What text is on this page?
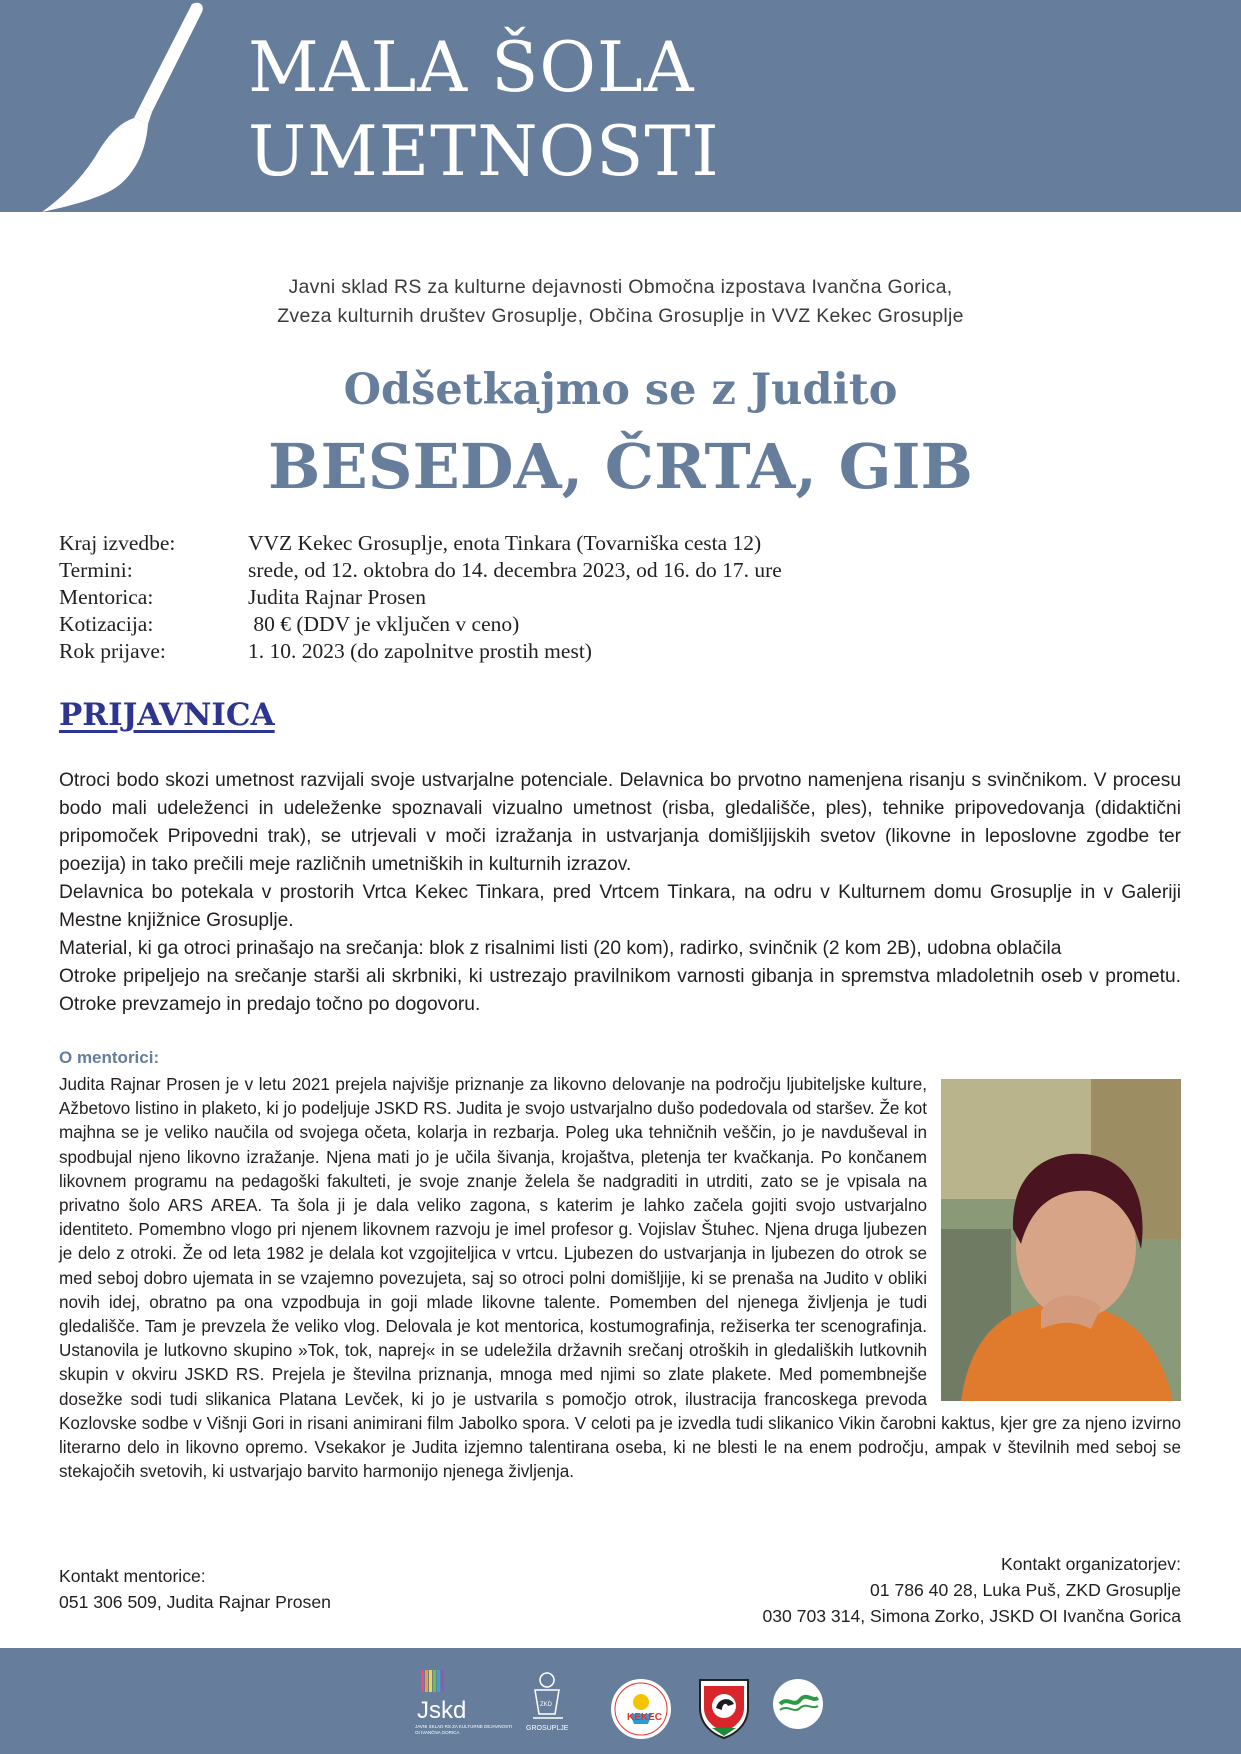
MALA ŠOLA
UMETNOSTI
Javni sklad RS za kulturne dejavnosti Območna izpostava Ivančna Gorica,
Zveza kulturnih društev Grosuplje, Občina Grosuplje in VVZ Kekec Grosuplje
Odšetkajmo se z Judito
BESEDA, ČRTA, GIB
Kraj izvedbe:	VVZ Kekec Grosuplje, enota Tinkara (Tovarniška cesta 12)
Termini:	srede, od 12. oktobra do 14. decembra 2023, od 16. do 17. ure
Mentorica:	Judita Rajnar Prosen
Kotizacija:	80 € (DDV je vključen v ceno)
Rok prijave:	1. 10. 2023 (do zapolnitve prostih mest)
PRIJAVNICA

Otroci bodo skozi umetnost razvijali svoje ustvarjalne potenciale. Delavnica bo prvotno namenjena risanju s svinčnikom. V procesu bodo mali udeleženci in udeleženke spoznavali vizualno umetnost (risba, gledališče, ples), tehnike pripovedovanja (didaktični pripomoček Pripovedni trak), se utrjevali v moči izražanja in ustvarjanja domišljijskih svetov (likovne in leposlovne zgodbe ter poezija) in tako prečili meje različnih umetniških in kulturnih izrazov.

Delavnica bo potekala v prostorih Vrtca Kekec Tinkara, pred Vrtcem Tinkara, na odru v Kulturnem domu Grosuplje in v Galeriji Mestne knjižnice Grosuplje.

Material, ki ga otroci prinašajo na srečanja: blok z risalnimi listi (20 kom), radirko, svinčnik (2 kom 2B), udobna oblačila

Otroke pripeljejo na srečanje starši ali skrbniki, ki ustrezajo pravilnikom varnosti gibanja in spremstva mladoletnih oseb v prometu. Otroke prevzamejo in predajo točno po dogovoru.

O mentorici:
Judita Rajnar Prosen je v letu 2021 prejela najvišje priznanje za likovno delovanje na področju ljubiteljske kulture, Ažbetovo listino in plaketo, ki jo podeljuje JSKD RS. Judita je svojo ustvarjalno dušo podedovala od staršev. Že kot majhna se je veliko naučila od svojega očeta, kolarja in rezbarja. Poleg uka tehničnih veščin, jo je navduševal in spodbujal njeno likovno izražanje. Njena mati jo je učila šivanja, krojaštva, pletenja ter kvačkanja. Po končanem likovnem programu na pedagoški fakulteti, je svoje znanje želela še nadgraditi in utrditi, zato se je vpisala na privatno šolo ARS AREA. Ta šola ji je dala veliko zagona, s katerim je lahko začela gojiti svojo ustvarjalno identiteto. Pomembno vlogo pri njenem likovnem razvoju je imel profesor g. Vojislav Štuhec. Njena druga ljubezen je delo z otroki. Že od leta 1982 je delala kot vzgojiteljica v vrtcu. Ljubezen do ustvarjanja in ljubezen do otrok se med seboj dobro ujemata in se vzajemno povezujeta, saj so otroci polni domišljije, ki se prenaša na Judito v obliki novih idej, obratno pa ona vzpodbuja in goji mlade likovne talente. Pomemben del njenega življenja je tudi gledališče. Tam je prevzela že veliko vlog. Delovala je kot mentorica, kostumografinja, režiserka ter scenografinja. Ustanovila je lutkovno skupino »Tok, tok, naprej« in se udeležila državnih srečanj otroških in gledaliških lutkovnih skupin v okviru JSKD RS. Prejela je številna priznanja, mnoga med njimi so zlate plakete. Med pomembnejše dosežke sodi tudi slikanica Platana Levček, ki jo je ustvarila s pomočjo otrok, ilustracija francoskega prevoda Kozlovske sodbe v Višnji Gori in risani animirani film Jabolko spora. V celoti pa je izvedla tudi slikanico Vikin čarobni kaktus, kjer gre za njeno izvirno literarno delo in likovno opremo. Vsekakor je Judita izjemno talentirana oseba, ki ne blesti le na enem področju, ampak v številnih med seboj se stekajočih svetovih, ki ustvarjajo barvito harmonijo njenega življenja.
Kontakt mentorice:
051 306 509, Judita Rajnar Prosen
Kontakt organizatorjev:
01 786 40 28, Luka Puš, ZKD Grosuplje
030 703 314, Simona Zorko, JSKD OI Ivančna Gorica
Jskd
JAVNI SKLAD RS ZA KULTURNE DEJAVNOSTI
OI IVANČNA GORICA
ZKD
GROSUPLJE
KEKEC
